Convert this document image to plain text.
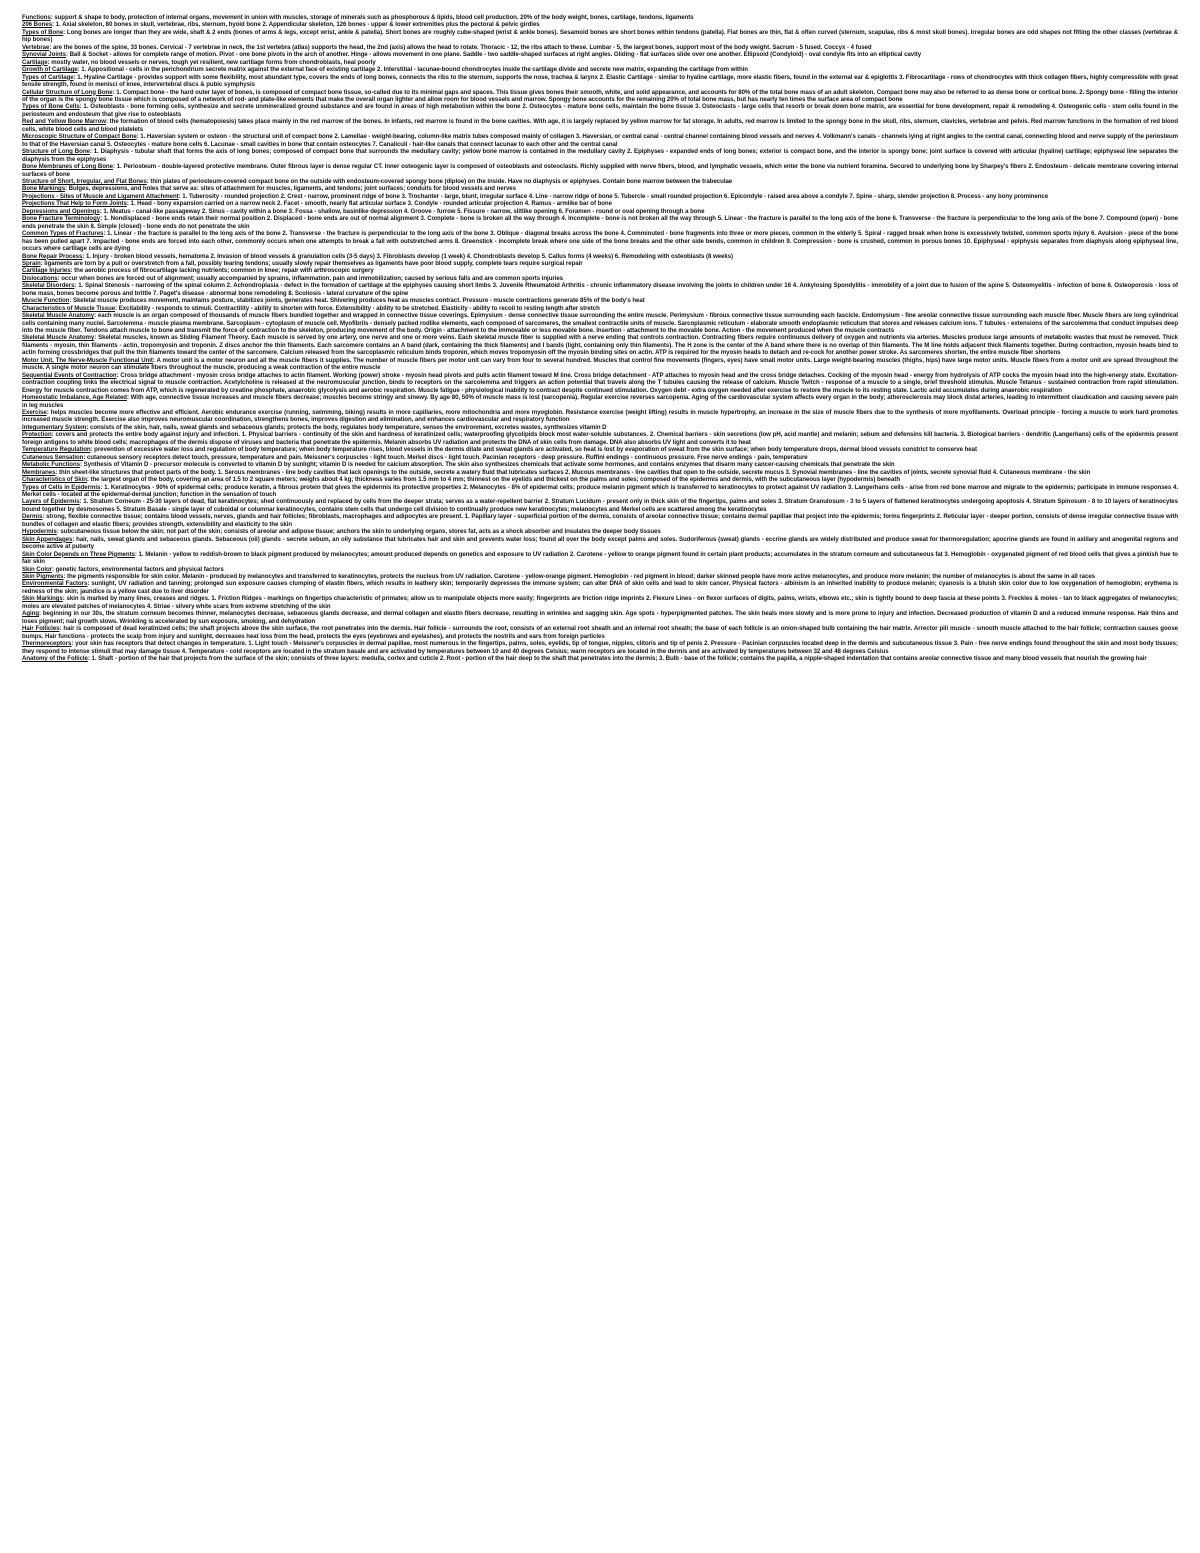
Functions: support & shape to body, protection of internal organs, movement in union with muscles, storage of minerals such as phosphorous & lipids, blood cell production. 20% of the body weight, bones, cartilage, tendons, ligaments

206 Bones: 1. Axial skeleton, 80 bones in skull, vertebrae, ribs, sternum, hyoid bone 2. Appendicular skeleton, 126 bones - upper & lower extremities plus the pectoral & pelvic girdles

Types of Bone: Long bones are longer than they are wide, shaft & 2 ends (bones of arms & legs, except wrist, ankle & patella). Short bones are roughly cube-shaped (wrist & ankle bones). Sesamoid bones are short bones within tendons (patella). Flat bones are thin, flat & often curved (sternum, scapulae, ribs & most skull bones). Irregular bones are odd shapes not fitting the other classes (vertebrae & hip bones)

Vertebrae: are the bones of the spine, 33 bones. Cervical - 7 vertebrae in neck, the 1st vertebra (atlas) supports the head, the 2nd (axis) allows the head to rotate. Thoracic - 12, the ribs attach to these. Lumbar - 5, the largest bones, support most of the body weight. Sacrum - 5 fused. Coccyx - 4 fused

Synovial Joints: Ball & Socket - allows for complete range of motion. Pivot - one bone pivots in the arch of another. Hinge - allows movement in one plane. Saddle - two saddle-shaped surfaces at right angles. Gliding - flat surfaces slide over one another. Ellipsoid (Condyloid) - oval condyle fits into an elliptical cavity

Cartilage: mostly water, no blood vessels or nerves, tough yet resilient, new cartilage forms from chondroblasts, heal poorly

Growth of Cartilage: 1. Appositional - cells in the perichondrium secrete matrix against the external face of existing cartilage 2. Interstitial - lacunae-bound chondrocytes inside the cartilage divide and secrete new matrix, expanding the cartilage from within

Types of Cartilage: 1. Hyaline Cartilage - provides support with some flexibility, most abundant type, covers the ends of long bones, connects the ribs to the sternum, supports the nose, trachea & larynx 2. Elastic Cartilage - similar to hyaline cartilage, more elastic fibers, found in the external ear & epiglottis 3. Fibrocartilage - rows of chondrocytes with thick collagen fibers, highly compressible with great tensile strength, found in menisci of knee, intervertebral discs & pubic symphysis

Cellular Structure of Long Bone: 1. Compact bone - the hard outer layer of bones, is composed of compact bone tissue, so-called due to its minimal gaps and spaces. This tissue gives bones their smooth, white, and solid appearance, and accounts for 80% of the total bone mass of an adult skeleton. Compact bone may also be referred to as dense bone or cortical bone. 2. Spongy bone - filling the interior of the organ is the spongy bone tissue which is composed of a network of rod- and plate-like elements that make the overall organ lighter and allow room for blood vessels and marrow. Spongy bone accounts for the remaining 20% of total bone mass, but has nearly ten times the surface area of compact bone

Types of Bone Cells: 1. Osteoblasts - bone forming cells, synthesize and secrete unmineralized ground substance and are found in areas of high metabolism within the bone 2. Osteocytes - mature bone cells, maintain the bone tissue 3. Osteoclasts - large cells that resorb or break down bone matrix, are essential for bone development, repair & remodeling 4. Osteogenic cells - stem cells found in the periosteum and endosteum that give rise to osteoblasts

Red and Yellow Bone Marrow: the formation of blood cells (hematopoiesis) takes place mainly in the red marrow of the bones. In infants, red marrow is found in the bone cavities. With age, it is largely replaced by yellow marrow for fat storage. In adults, red marrow is limited to the spongy bone in the skull, ribs, sternum, clavicles, vertebrae and pelvis. Red marrow functions in the formation of red blood cells, white blood cells and blood platelets

Microscopic Structure of Compact Bone: 1. Haversian system or osteon - the structural unit of compact bone 2. Lamellae - weight-bearing, column-like matrix tubes composed mainly of collagen 3. Haversian, or central canal - central channel containing blood vessels and nerves 4. Volkmann's canals - channels lying at right angles to the central canal, connecting blood and nerve supply of the periosteum to that of the Haversian canal 5. Osteocytes - mature bone cells 6. Lacunae - small cavities in bone that contain osteocytes 7. Canaliculi - hair-like canals that connect lacunae to each other and the central canal

Structure of Long Bone: 1. Diaphysis - tubular shaft that forms the axis of long bones; composed of compact bone that surrounds the medullary cavity; yellow bone marrow is contained in the medullary cavity 2. Epiphyses - expanded ends of long bones; exterior is compact bone, and the interior is spongy bone; joint surface is covered with articular (hyaline) cartilage; epiphyseal line separates the diaphysis from the epiphyses

Bone Membranes of Long Bone: 1. Periosteum - double-layered protective membrane. Outer fibrous layer is dense regular CT. Inner osteogenic layer is composed of osteoblasts and osteoclasts. Richly supplied with nerve fibers, blood, and lymphatic vessels, which enter the bone via nutrient foramina. Secured to underlying bone by Sharpey's fibers 2. Endosteum - delicate membrane covering internal surfaces of bone

Structure of Short, Irregular, and Flat Bones: thin plates of periosteum-covered compact bone on the outside with endosteum-covered spongy bone (diploe) on the inside. Have no diaphysis or epiphyses. Contain bone marrow between the trabeculae

Bone Markings: Bulges, depressions, and holes that serve as: sites of attachment for muscles, ligaments, and tendons; joint surfaces; conduits for blood vessels and nerves

Projections - Sites of Muscle and Ligament Attachment: 1. Tuberosity - rounded projection 2. Crest - narrow, prominent ridge of bone 3. Trochanter - large, blunt, irregular surface 4. Line - narrow ridge of bone 5. Tubercle - small rounded projection 6. Epicondyle - raised area above a condyle 7. Spine - sharp, slender projection 8. Process - any bony prominence

Projections That Help to Form Joints: 1. Head - bony expansion carried on a narrow neck 2. Facet - smooth, nearly flat articular surface 3. Condyle - rounded articular projection 4. Ramus - armlike bar of bone

Depressions and Openings: 1. Meatus - canal-like passageway 2. Sinus - cavity within a bone 3. Fossa - shallow, basinlike depression 4. Groove - furrow 5. Fissure - narrow, slitlike opening 6. Foramen - round or oval opening through a bone

Bone Fracture Terminology: 1. Nondisplaced - bone ends retain their normal position 2. Displaced - bone ends are out of normal alignment 3. Complete - bone is broken all the way through 4. Incomplete - bone is not broken all the way through 5. Linear - the fracture is parallel to the long axis of the bone 6. Transverse - the fracture is perpendicular to the long axis of the bone 7. Compound (open) - bone ends penetrate the skin 8. Simple (closed) - bone ends do not penetrate the skin

Common Types of Fractures: 1. Linear - the fracture is parallel to the long axis of the bone 2. Transverse - the fracture is perpendicular to the long axis of the bone 3. Oblique - diagonal breaks across the bone 4. Comminuted - bone fragments into three or more pieces, common in the elderly 5. Spiral - ragged break when bone is excessively twisted, common sports injury 6. Avulsion - piece of the bone has been pulled apart 7. Impacted - bone ends are forced into each other, commonly occurs when one attempts to break a fall with outstretched arms 8. Greenstick - incomplete break where one side of the bone breaks and the other side bends, common in children 9. Compression - bone is crushed, common in porous bones 10. Epiphyseal - epiphysis separates from diaphysis along epiphyseal line, occurs where cartilage cells are dying

Bone Repair Process: 1. Injury - broken blood vessels, hematoma 2. Invasion of blood vessels & granulation cells (3-5 days) 3. Fibroblasts develop (1 week) 4. Chondroblasts develop 5. Callus forms (4 weeks) 6. Remodeling with osteoblasts (8 weeks)

Sprain: ligaments are torn by a pull or overstretch from a fall, possibly tearing tendons; usually slowly repair themselves as ligaments have poor blood supply, complete tears require surgical repair

Cartilage Injuries: the aerobic process of fibrocartilage lacking nutrients; common in knee; repair with arthroscopic surgery

Dislocations: occur when bones are forced out of alignment; usually accompanied by sprains, inflammation, pain and immobilization; caused by serious falls and are common sports injuries

Skeletal Disorders: 1. Spinal Stenosis - narrowing of the spinal column 2. Achondroplasia - defect in the formation of cartilage at the epiphyses causing short limbs 3. Juvenile Rheumatoid Arthritis - chronic inflammatory disease involving the joints in children under 16 4. Ankylosing Spondylitis - immobility of a joint due to fusion of the spine 5. Osteomyelitis - infection of bone 6. Osteoporosis - loss of bone mass, bones become porous and brittle 7. Paget's disease - abnormal bone remodeling 8. Scoliosis - lateral curvature of the spine

Muscle Function: Skeletal muscle produces movement, maintains posture, stabilizes joints, generates heat. Shivering produces heat as muscles contract. Pressure - muscle contractions generate 85% of the body's heat

Characteristics of Muscle Tissue: Excitability - responds to stimuli. Contractility - ability to shorten with force. Extensibility - ability to be stretched. Elasticity - ability to recoil to resting length after stretch

Skeletal Muscle Anatomy: each muscle is an organ composed of thousands of muscle fibers bundled together and wrapped in connective tissue coverings. Epimysium - dense connective tissue surrounding the entire muscle. Perimysium - fibrous connective tissue surrounding each fascicle. Endomysium - fine areolar connective tissue surrounding each muscle fiber. Muscle fibers are long cylindrical cells containing many nuclei. Sarcolemma - muscle plasma membrane. Sarcoplasm - cytoplasm of muscle cell. Myofibrils - densely packed rodlike elements, each composed of sarcomeres, the smallest contractile units of muscle. Sarcoplasmic reticulum - elaborate smooth endoplasmic reticulum that stores and releases calcium ions. T tubules - extensions of the sarcolemma that conduct impulses deep into the muscle fiber. Tendons attach muscle to bone and transmit the force of contraction to the skeleton, producing movement of the body. Origin - attachment to the immovable or less movable bone. Insertion - attachment to the movable bone. Action - the movement produced when the muscle contracts

Skeletal Muscle Anatomy: Skeletal muscles, known as Sliding Filament Theory. Each muscle is served by one artery, one nerve and one or more veins. Each skeletal muscle fiber is supplied with a nerve ending that controls contraction. Contracting fibers require continuous delivery of oxygen and nutrients via arteries. Muscles produce large amounts of metabolic wastes that must be removed. Thick filaments - myosin, thin filaments - actin, tropomyosin and troponin. Z discs anchor the thin filaments. Each sarcomere contains an A band (dark, containing the thick filaments) and I bands (light, containing only thin filaments). The H zone is the center of the A band where there is no overlap of thin filaments. The M line holds adjacent thick filaments together. During contraction, myosin heads bind to actin forming crossbridges that pull the thin filaments toward the center of the sarcomere. Calcium released from the sarcoplasmic reticulum binds troponin, which moves tropomyosin off the myosin binding sites on actin. ATP is required for the myosin heads to detach and re-cock for another power stroke. As sarcomeres shorten, the entire muscle fiber shortens

Motor Unit, The Nerve-Muscle Functional Unit: A motor unit is a motor neuron and all the muscle fibers it supplies. The number of muscle fibers per motor unit can vary from four to several hundred. Muscles that control fine movements (fingers, eyes) have small motor units. Large weight-bearing muscles (thighs, hips) have large motor units. Muscle fibers from a motor unit are spread throughout the muscle. A single motor neuron can stimulate fibers throughout the muscle, producing a weak contraction of the entire muscle

Sequential Events of Contraction: Cross bridge attachment - myosin cross bridge attaches to actin filament. Working (power) stroke - myosin head pivots and pulls actin filament toward M line. Cross bridge detachment - ATP attaches to myosin head and the cross bridge detaches. Cocking of the myosin head - energy from hydrolysis of ATP cocks the myosin head into the high-energy state. Excitation-contraction coupling links the electrical signal to muscle contraction. Acetylcholine is released at the neuromuscular junction, binds to receptors on the sarcolemma and triggers an action potential that travels along the T tubules causing the release of calcium. Muscle Twitch - response of a muscle to a single, brief threshold stimulus. Muscle Tetanus - sustained contraction from rapid stimulation. Energy for muscle contraction comes from ATP, which is regenerated by creatine phosphate, anaerobic glycolysis and aerobic respiration. Muscle fatigue - physiological inability to contract despite continued stimulation. Oxygen debt - extra oxygen needed after exercise to restore the muscle to its resting state. Lactic acid accumulates during anaerobic respiration

Homeostatic Imbalance, Age Related: With age, connective tissue increases and muscle fibers decrease; muscles become stringy and sinewy. By age 80, 50% of muscle mass is lost (sarcopenia). Regular exercise reverses sarcopenia. Aging of the cardiovascular system affects every organ in the body; atherosclerosis may block distal arteries, leading to intermittent claudication and causing severe pain in leg muscles

Exercise: helps muscles become more effective and efficient. Aerobic endurance exercise (running, swimming, biking) results in more capillaries, more mitochondria and more myoglobin. Resistance exercise (weight lifting) results in muscle hypertrophy, an increase in the size of muscle fibers due to the synthesis of more myofilaments. Overload principle - forcing a muscle to work hard promotes increased muscle strength. Exercise also improves neuromuscular coordination, strengthens bones, improves digestion and elimination, and enhances cardiovascular and respiratory function

Integumentary System: consists of the skin, hair, nails, sweat glands and sebaceous glands; protects the body, regulates body temperature, senses the environment, excretes wastes, synthesizes vitamin D

Protection: covers and protects the entire body against injury and infection. 1. Physical barriers - continuity of the skin and hardness of keratinized cells; waterproofing glycolipids block most water-soluble substances. 2. Chemical barriers - skin secretions (low pH, acid mantle) and melanin; sebum and defensins kill bacteria. 3. Biological barriers - dendritic (Langerhans) cells of the epidermis present foreign antigens to white blood cells; macrophages of the dermis dispose of viruses and bacteria that penetrate the epidermis. Melanin absorbs UV radiation and protects the DNA of skin cells from damage. DNA also absorbs UV light and converts it to heat

Temperature Regulation: prevention of excessive water loss and regulation of body temperature; when body temperature rises, blood vessels in the dermis dilate and sweat glands are activated, so heat is lost by evaporation of sweat from the skin surface; when body temperature drops, dermal blood vessels constrict to conserve heat

Cutaneous Sensation: cutaneous sensory receptors detect touch, pressure, temperature and pain. Meissner's corpuscles - light touch. Merkel discs - light touch. Pacinian receptors - deep pressure. Ruffini endings - continuous pressure. Free nerve endings - pain, temperature

Metabolic Functions: Synthesis of Vitamin D - precursor molecule is converted to vitamin D by sunlight; vitamin D is needed for calcium absorption. The skin also synthesizes chemicals that activate some hormones, and contains enzymes that disarm many cancer-causing chemicals that penetrate the skin

Membranes: thin sheet-like structures that protect parts of the body. 1. Serous membranes - line body cavities that lack openings to the outside, secrete a watery fluid that lubricates surfaces 2. Mucous membranes - line cavities that open to the outside, secrete mucus 3. Synovial membranes - line the cavities of joints, secrete synovial fluid 4. Cutaneous membrane - the skin

Characteristics of Skin: the largest organ of the body, covering an area of 1.5 to 2 square meters; weighs about 4 kg; thickness varies from 1.5 mm to 4 mm; thinnest on the eyelids and thickest on the palms and soles; composed of the epidermis and dermis, with the subcutaneous layer (hypodermis) beneath

Types of Cells in Epidermis: 1. Keratinocytes - 90% of epidermal cells; produce keratin, a fibrous protein that gives the epidermis its protective properties 2. Melanocytes - 8% of epidermal cells; produce melanin pigment which is transferred to keratinocytes to protect against UV radiation 3. Langerhans cells - arise from red bone marrow and migrate to the epidermis; participate in immune responses 4. Merkel cells - located at the epidermal-dermal junction; function in the sensation of touch

Layers of Epidermis: 1. Stratum Corneum - 25-30 layers of dead, flat keratinocytes; shed continuously and replaced by cells from the deeper strata; serves as a water-repellent barrier 2. Stratum Lucidum - present only in thick skin of the fingertips, palms and soles 3. Stratum Granulosum - 3 to 5 layers of flattened keratinocytes undergoing apoptosis 4. Stratum Spinosum - 8 to 10 layers of keratinocytes bound together by desmosomes 5. Stratum Basale - single layer of cuboidal or columnar keratinocytes, contains stem cells that undergo cell division to continually produce new keratinocytes; melanocytes and Merkel cells are scattered among the keratinocytes

Dermis: strong, flexible connective tissue; contains blood vessels, nerves, glands and hair follicles; fibroblasts, macrophages and adipocytes are present. 1. Papillary layer - superficial portion of the dermis, consists of areolar connective tissue; contains dermal papillae that project into the epidermis; forms fingerprints 2. Reticular layer - deeper portion, consists of dense irregular connective tissue with bundles of collagen and elastic fibers; provides strength, extensibility and elasticity to the skin

Hypodermis: subcutaneous tissue below the skin; not part of the skin; consists of areolar and adipose tissue; anchors the skin to underlying organs, stores fat, acts as a shock absorber and insulates the deeper body tissues

Skin Appendages: hair, nails, sweat glands and sebaceous glands. Sebaceous (oil) glands - secrete sebum, an oily substance that lubricates hair and skin and prevents water loss; found all over the body except palms and soles. Sudoriferous (sweat) glands - eccrine glands are widely distributed and produce sweat for thermoregulation; apocrine glands are found in axillary and anogenital regions and become active at puberty

Skin Color Depends on Three Pigments: 1. Melanin - yellow to reddish-brown to black pigment produced by melanocytes; amount produced depends on genetics and exposure to UV radiation 2. Carotene - yellow to orange pigment found in certain plant products; accumulates in the stratum corneum and subcutaneous fat 3. Hemoglobin - oxygenated pigment of red blood cells that gives a pinkish hue to fair skin

Skin Color: genetic factors, environmental factors and physical factors

Skin Pigments: the pigments responsible for skin color. Melanin - produced by melanocytes and transferred to keratinocytes, protects the nucleus from UV radiation. Carotene - yellow-orange pigment. Hemoglobin - red pigment in blood; darker skinned people have more active melanocytes, and produce more melanin; the number of melanocytes is about the same in all races

Environmental Factors: sunlight, UV radiation and tanning; prolonged sun exposure causes clumping of elastin fibers, which results in leathery skin; temporarily depresses the immune system; can alter DNA of skin cells and lead to skin cancer. Physical factors - albinism is an inherited inability to produce melanin; cyanosis is a bluish skin color due to low oxygenation of hemoglobin; erythema is redness of the skin; jaundice is a yellow cast due to liver disorder

Skin Markings: skin is marked by many lines, creases and ridges. 1. Friction Ridges - markings on fingertips characteristic of primates; allow us to manipulate objects more easily; fingerprints are friction ridge imprints 2. Flexure Lines - on flexor surfaces of digits, palms, wrists, elbows etc.; skin is tightly bound to deep fascia at these points 3. Freckles & moles - tan to black aggregates of melanocytes; moles are elevated patches of melanocytes 4. Striae - silvery white scars from extreme stretching of the skin

Aging: beginning in our 30s, the stratum corneum becomes thinner, melanocytes decrease, sebaceous glands decrease, and dermal collagen and elastin fibers decrease, resulting in wrinkles and sagging skin. Age spots - hyperpigmented patches. The skin heals more slowly and is more prone to injury and infection. Decreased production of vitamin D and a reduced immune response. Hair thins and loses pigment; nail growth slows. Wrinkling is accelerated by sun exposure, smoking, and dehydration

Hair Follicles: hair is composed of dead keratinized cells; the shaft projects above the skin surface, the root penetrates into the dermis. Hair follicle - surrounds the root, consists of an external root sheath and an internal root sheath; the base of each follicle is an onion-shaped bulb containing the hair matrix. Arrector pili muscle - smooth muscle attached to the hair follicle; contraction causes goose bumps. Hair functions - protects the scalp from injury and sunlight, decreases heat loss from the head, protects the eyes (eyebrows and eyelashes), and protects the nostrils and ears from foreign particles

Thermoreceptors: your skin has receptors that detect changes in temperature. 1. Light touch - Meissner's corpuscles in dermal papillae, most numerous in the fingertips, palms, soles, eyelids, tip of tongue, nipples, clitoris and tip of penis 2. Pressure - Pacinian corpuscles located deep in the dermis and subcutaneous tissue 3. Pain - free nerve endings found throughout the skin and most body tissues; they respond to intense stimuli that may damage tissue 4. Temperature - cold receptors are located in the stratum basale and are activated by temperatures between 10 and 40 degrees Celsius; warm receptors are located in the dermis and are activated by temperatures between 32 and 48 degrees Celsius

Anatomy of the Follicle: 1. Shaft - portion of the hair that projects from the surface of the skin; consists of three layers: medulla, cortex and cuticle 2. Root - portion of the hair deep to the shaft that penetrates into the dermis; 3. Bulb - base of the follicle; contains the papilla, a nipple-shaped indentation that contains areolar connective tissue and many blood vessels that nourish the growing hair
